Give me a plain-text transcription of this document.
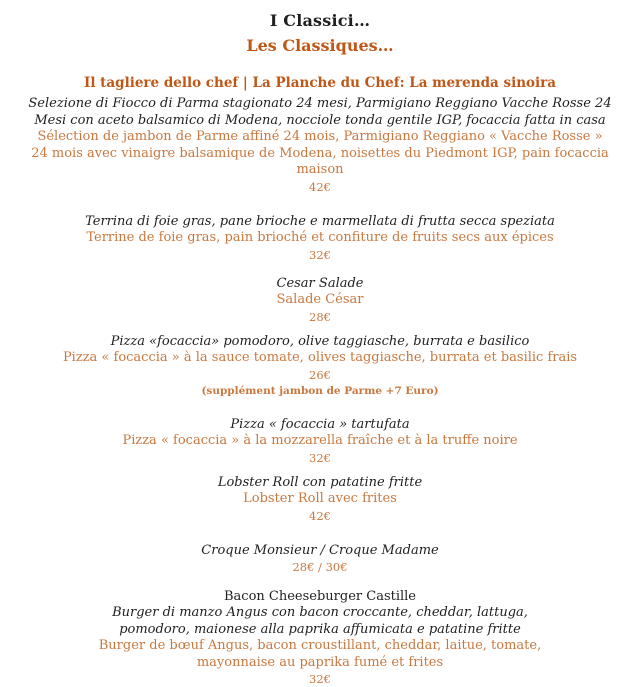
I Classici…
Les Classiques…
Il tagliere dello chef | La Planche du Chef: La merenda sinoira
Selezione di Fiocco di Parma stagionato 24 mesi, Parmigiano Reggiano Vacche Rosse 24 Mesi con aceto balsamico di Modena, nocciole tonda gentile IGP, focaccia fatta in casa
Sélection de jambon de Parme affiné 24 mois, Parmigiano Reggiano « Vacche Rosse » 24 mois avec vinaigre balsamique de Modena, noisettes du Piedmont IGP, pain focaccia maison
42€
Terrina di foie gras, pane brioche e marmellata di frutta secca speziata
Terrine de foie gras, pain brioché et confiture de fruits secs aux épices
32€
Cesar Salade
Salade César
28€
Pizza «focaccia» pomodoro, olive taggiasche, burrata e basilico
Pizza « focaccia » à la sauce tomate, olives taggiasche, burrata et basilic frais
26€
(supplément jambon de Parme +7 Euro)
Pizza « focaccia » tartufata
Pizza « focaccia » à la mozzarella fraîche et à la truffe noire
32€
Lobster Roll con patatine fritte
Lobster Roll avec frites
42€
Croque Monsieur / Croque Madame
28€ / 30€
Bacon Cheeseburger Castille
Burger di manzo Angus con bacon croccante, cheddar, lattuga, pomodoro, maionese alla paprika affumicata e patatine fritte
Burger de bœuf Angus, bacon croustillant, cheddar, laitue, tomate, mayonnaise au paprika fumé et frites
32€
